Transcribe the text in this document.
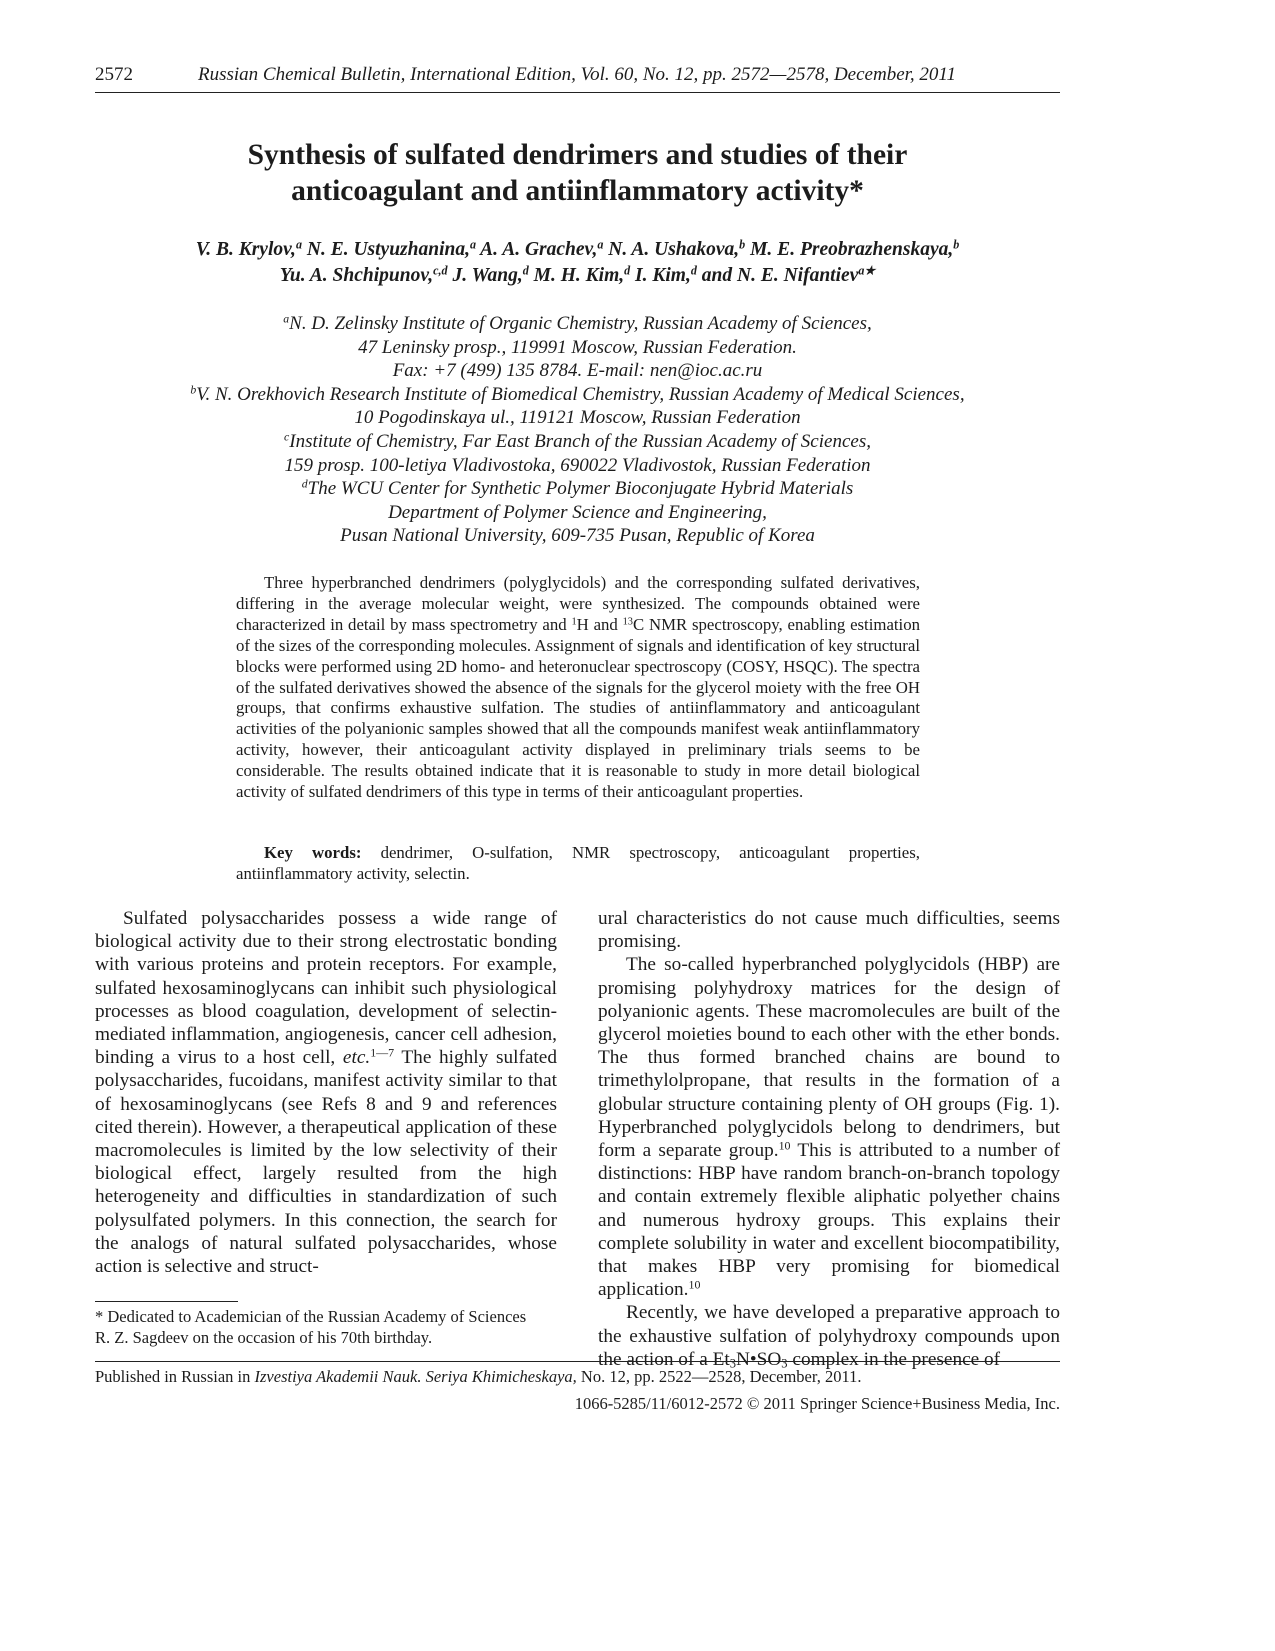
2572	Russian Chemical Bulletin, International Edition, Vol. 60, No. 12, pp. 2572—2578, December, 2011
Synthesis of sulfated dendrimers and studies of their
anticoagulant and antiinflammatory activity*
V. B. Krylov,$^a$ N. E. Ustyuzhanina,$^a$ A. A. Grachev,$^a$ N. A. Ushakova,$^b$ M. E. Preobrazhenskaya,$^b$
Yu. A. Shchipunov,$^{c,d}$ J. Wang,$^d$ M. H. Kim,$^d$ I. Kim,$^d$ and N. E. Nifantiev$^{a★}$
$^a$N. D. Zelinsky Institute of Organic Chemistry, Russian Academy of Sciences,
47 Leninsky prosp., 119991 Moscow, Russian Federation.
Fax: +7 (499) 135 8784. E-mail: nen@ioc.ac.ru
$^b$V. N. Orekhovich Research Institute of Biomedical Chemistry, Russian Academy of Medical Sciences,
10 Pogodinskaya ul., 119121 Moscow, Russian Federation
$^c$Institute of Chemistry, Far East Branch of the Russian Academy of Sciences,
159 prosp. 100-letiya Vladivostoka, 690022 Vladivostok, Russian Federation
$^d$The WCU Center for Synthetic Polymer Bioconjugate Hybrid Materials
Department of Polymer Science and Engineering,
Pusan National University, 609-735 Pusan, Republic of Korea

Three hyperbranched dendrimers (polyglycidols) and the corresponding sulfated derivatives, differing in the average molecular weight, were synthesized. The compounds obtained were characterized in detail by mass spectrometry and $^1$H and $^{13}$C NMR spectroscopy, enabling estimation of the sizes of the corresponding molecules. Assignment of signals and identification of key structural blocks were performed using 2D homo- and heteronuclear spectroscopy (COSY, HSQC). The spectra of the sulfated derivatives showed the absence of the signals for the glycerol moiety with the free OH groups, that confirms exhaustive sulfation. The studies of antiinflammatory and anticoagulant activities of the polyanionic samples showed that all the compounds manifest weak antiinflammatory activity, however, their anticoagulant activity displayed in preliminary trials seems to be considerable. The results obtained indicate that it is reasonable to study in more detail biological activity of sulfated dendrimers of this type in terms of their anticoagulant properties.

Key words: dendrimer, O-sulfation, NMR spectroscopy, anticoagulant properties, antiinflammatory activity, selectin.

Sulfated polysaccharides possess a wide range of biological activity due to their strong electrostatic bonding with various proteins and protein receptors. For example, sulfated hexosaminoglycans can inhibit such physiological processes as blood coagulation, development of selectin-mediated inflammation, angiogenesis, cancer cell adhesion, binding a virus to a host cell, etc.$^{1—7}$ The highly sulfated polysaccharides, fucoidans, manifest activity similar to that of hexosaminoglycans (see Refs 8 and 9 and references cited therein). However, a therapeutical application of these macromolecules is limited by the low selectivity of their biological effect, largely resulted from the high heterogeneity and difficulties in standardization of such polysulfated polymers. In this connection, the search for the analogs of natural sulfated polysaccharides, whose action is selective and struct-

ural characteristics do not cause much difficulties, seems promising.

The so-called hyperbranched polyglycidols (HBP) are promising polyhydroxy matrices for the design of polyanionic agents. These macromolecules are built of the glycerol moieties bound to each other with the ether bonds. The thus formed branched chains are bound to trimethylolpropane, that results in the formation of a globular structure containing plenty of OH groups (Fig. 1). Hyperbranched polyglycidols belong to dendrimers, but form a separate group.$^{10}$ This is attributed to a number of distinctions: HBP have random branch-on-branch topology and contain extremely flexible aliphatic polyether chains and numerous hydroxy groups. This explains their complete solubility in water and excellent biocompatibility, that makes HBP very promising for biomedical application.$^{10}$

Recently, we have developed a preparative approach to the exhaustive sulfation of polyhydroxy compounds upon the action of a $Et_3N•SO_3$ complex in the presence of

* Dedicated to Academician of the Russian Academy of Sciences

R. Z. Sagdeev on the occasion of his 70th birthday.

Published in Russian in Izvestiya Akademii Nauk. Seriya Khimicheskaya, No. 12, pp. 2522—2528, December, 2011.
1066-5285/11/6012-2572 © 2011 Springer Science+Business Media, Inc.
